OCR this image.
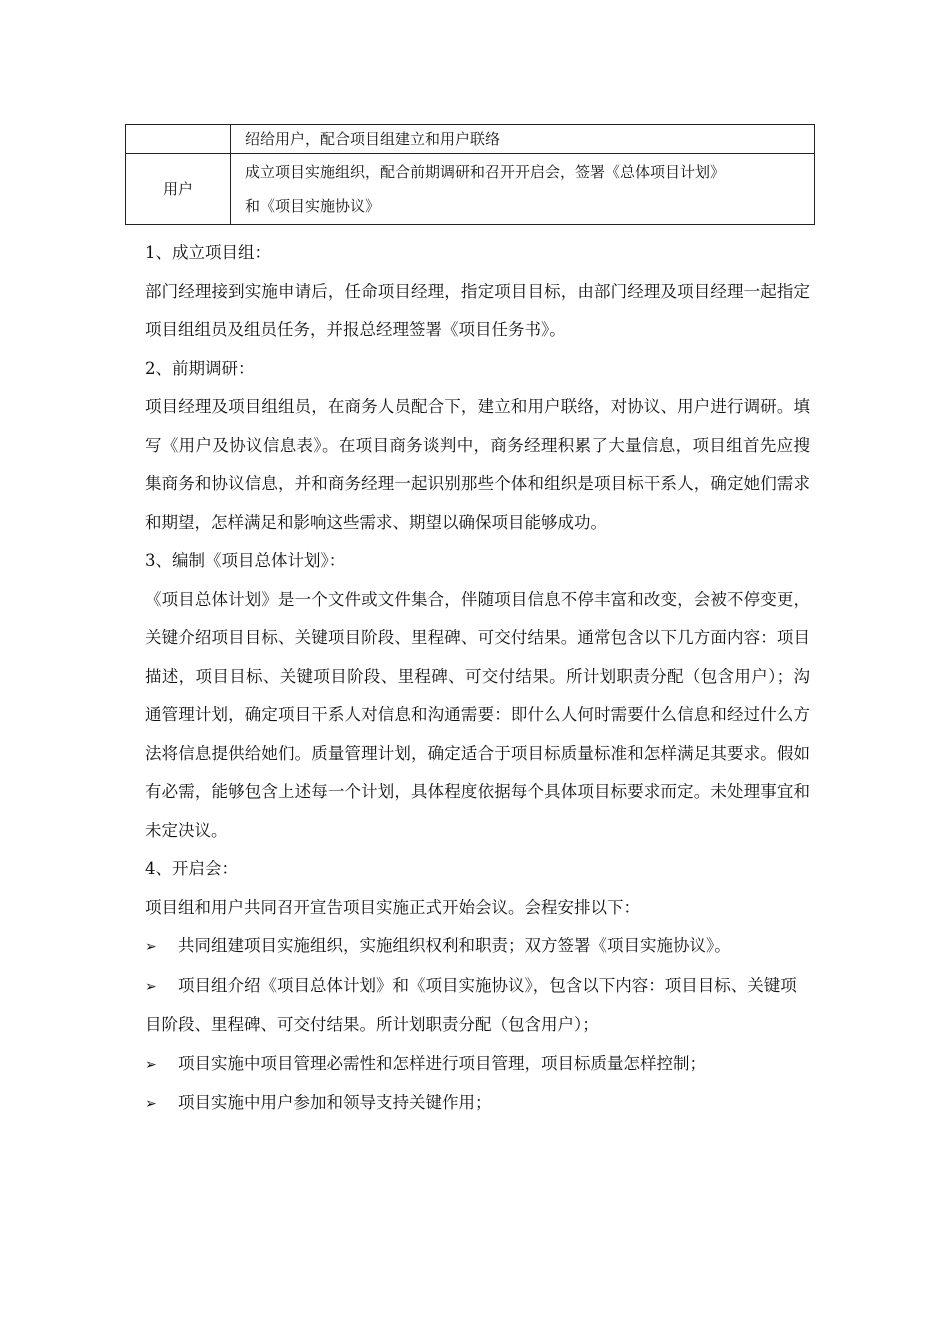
	绍给用户，配合项目组建立和用户联络

用户	成立项目实施组织，配合前期调研和召开开启会，签署《总体项目计划》
和《项目实施协议》

1、成立项目组：

部门经理接到实施申请后，任命项目经理，指定项目目标，由部门经理及项目经理一起指定项目组组员及组员任务，并报总经理签署《项目任务书》。

2、前期调研：

项目经理及项目组组员，在商务人员配合下，建立和用户联络，对协议、用户进行调研。填写《用户及协议信息表》。在项目商务谈判中，商务经理积累了大量信息，项目组首先应搜集商务和协议信息，并和商务经理一起识别那些个体和组织是项目标干系人，确定她们需求和期望，怎样满足和影响这些需求、期望以确保项目能够成功。

3、编制《项目总体计划》：

《项目总体计划》是一个文件或文件集合，伴随项目信息不停丰富和改变，会被不停变更，关键介绍项目目标、关键项目阶段、里程碑、可交付结果。通常包含以下几方面内容：项目描述，项目目标、关键项目阶段、里程碑、可交付结果。所计划职责分配（包含用户）；沟通管理计划，确定项目干系人对信息和沟通需要：即什么人何时需要什么信息和经过什么方法将信息提供给她们。质量管理计划，确定适合于项目标质量标准和怎样满足其要求。假如有必需，能够包含上述每一个计划，具体程度依据每个具体项目标要求而定。未处理事宜和未定决议。

4、开启会：

项目组和用户共同召开宣告项目实施正式开始会议。会程安排以下：

➢ 共同组建项目实施组织，实施组织权利和职责；双方签署《项目实施协议》。
➢ 项目组介绍《项目总体计划》和《项目实施协议》，包含以下内容：项目目标、关键项目阶段、里程碑、可交付结果。所计划职责分配（包含用户）；
➢ 项目实施中项目管理必需性和怎样进行项目管理，项目标质量怎样控制；
➢ 项目实施中用户参加和领导支持关键作用；
